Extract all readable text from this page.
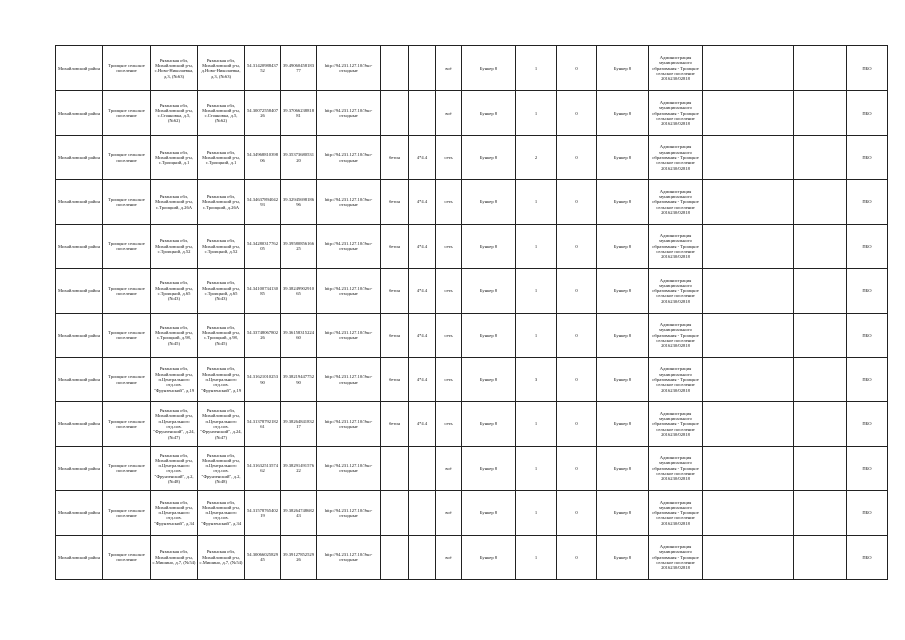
Михайловский район	Троицкое сельское поселение	Рязанская обл, Михайловский р-н, с.Ново-Николаевка, д.3, (№63)	Рязанская обл, Михайловский р-н, д.Ново-Николаевка, д.3, (№63)	54.3142098843752	39.4906045818377	http://94.231.127.10/Эко-отходные			всё	Бункер 8	1	0	Бункер 8	Администрация муниципального образования - Троицкое сельское поселение 2016230/02818			ПБО
Михайловский район	Троицкое сельское поселение	Рязанская обл, Михайловский р-н, с.Стояновка, д.5, (№62)	Рязанская обл, Михайловский р-н, с.Стояновка, д.5, (№62)	54.3007255840726	39.3706623881881	http://94.231.127.10/Эко-отходные			всё	Бункер 8	1	0	Бункер 8	Администрация муниципального образования - Троицкое сельское поселение 2016230/02818			ПБО
Михайловский район	Троицкое сельское поселение	Рязанская обл, Михайловский р-н, с.Троицкий, д.1	Рязанская обл, Михайловский р-н, с.Троицкий, д.1	54.3496881039806	39.3537368053120	http://94.231.127.10/Эко-отходные	бетон	4*4.4	сеть	Бункер 8	2	0	Бункер 8	Администрация муниципального образования - Троицкое сельское поселение 2016230/02818			ПБО
Михайловский район	Троицкое сельское поселение	Рязанская обл, Михайловский р-н, с.Троицкий, д.26А	Рязанская обл, Михайловский р-н, с.Троицкий, д.26А	54.3463789404293	39.3294569818696	http://94.231.127.10/Эко-отходные	бетон	4*4.4	сеть	Бункер 8	1	0	Бункер 8	Администрация муниципального образования - Троицкое сельское поселение 2016230/02818			ПБО
Михайловский район	Троицкое сельское поселение	Рязанская обл, Михайловский р-н, с.Троицкий, д.52	Рязанская обл, Михайловский р-н, с.Троицкий, д.52	54.3428031776205	39.3958085616625	http://94.231.127.10/Эко-отходные	бетон	4*4.4	сеть	Бункер 8	1	0	Бункер 8	Администрация муниципального образования - Троицкое сельское поселение 2016230/02818			ПБО
Михайловский район	Троицкое сельское поселение	Рязанская обл, Михайловский р-н, с.Троицкий, д.65 (№43)	Рязанская обл, Михайловский р-н, с.Троицкий, д.65 (№43)	54.3410073413085	39.3824990291065	http://94.231.127.10/Эко-отходные	бетон	4*4.4	сеть	Бункер 8	1	0	Бункер 8	Администрация муниципального образования - Троицкое сельское поселение 2016230/02818			ПБО
Михайловский район	Троицкое сельское поселение	Рязанская обл, Михайловский р-н, с.Троицкий, д.98, (№45)	Рязанская обл, Михайловский р-н, с.Троицкий, д.98, (№45)	54.3374806780226	39.3615831522460	http://94.231.127.10/Эко-отходные	бетон	4*4.4	сеть	Бункер 8	1	0	Бункер 8	Администрация муниципального образования - Троицкое сельское поселение 2016230/02818			ПБО
Михайловский район	Троицкое сельское поселение	Рязанская обл, Михайловский р-н, п.Центрального отд.сов. "Фрунзенский", д.19	Рязанская обл, Михайловский р-н, п.Центрального отд.сов. "Фрунзенский", д.19	54.3162101025390	39.3821944775290	http://94.231.127.10/Эко-отходные	бетон	4*4.4	сеть	Бункер 8	3	0	Бункер 8	Администрация муниципального образования - Троицкое сельское поселение 2016230/02818			ПБО
Михайловский район	Троицкое сельское поселение	Рязанская обл, Михайловский р-н, п.Центрального отд.сов. "Фрунзенский", д.24, (№47)	Рязанская обл, Михайловский р-н, п.Центрального отд.сов. "Фрунзенский", д.24, (№47)	54.3137879218261	39.3826484183217	http://94.231.127.10/Эко-отходные	бетон	4*4.4	сеть	Бункер 8	1	0	Бункер 8	Администрация муниципального образования - Троицкое сельское поселение 2016230/02818			ПБО
Михайловский район	Троицкое сельское поселение	Рязанская обл, Михайловский р-н, п.Центрального отд.сов. "Фрунзенский", д.2, (№48)	Рязанская обл, Михайловский р-н, п.Центрального отд.сов. "Фрунзенский", д.2, (№48)	54.3163251357462	39.3829149157622	http://94.231.127.10/Эко-отходные			всё	Бункер 8	1	0	Бункер 8	Администрация муниципального образования - Троицкое сельское поселение 2016230/02818			ПБО
Михайловский район	Троицкое сельское поселение	Рязанская обл, Михайловский р-н, п.Центрального отд.сов. "Фрунзенский", д.34	Рязанская обл, Михайловский р-н, п.Центрального отд.сов. "Фрунзенский", д.34	54.3157876540219	39.3826474868243	http://94.231.127.10/Эко-отходные			всё	Бункер 8	1	0	Бункер 8	Администрация муниципального образования - Троицкое сельское поселение 2016230/02818			ПБО
Михайловский район	Троицкое сельское поселение	Рязанская обл, Михайловский р-н, с.Мишино, д.7, (№54)	Рязанская обл, Михайловский р-н, с.Мишино, д.7, (№54)	54.3006602582945	39.3912785252926	http://94.231.127.10/Эко-отходные			всё	Бункер 8	1	0	Бункер 8	Администрация муниципального образования - Троицкое сельское поселение 2016230/02818			ПБО
